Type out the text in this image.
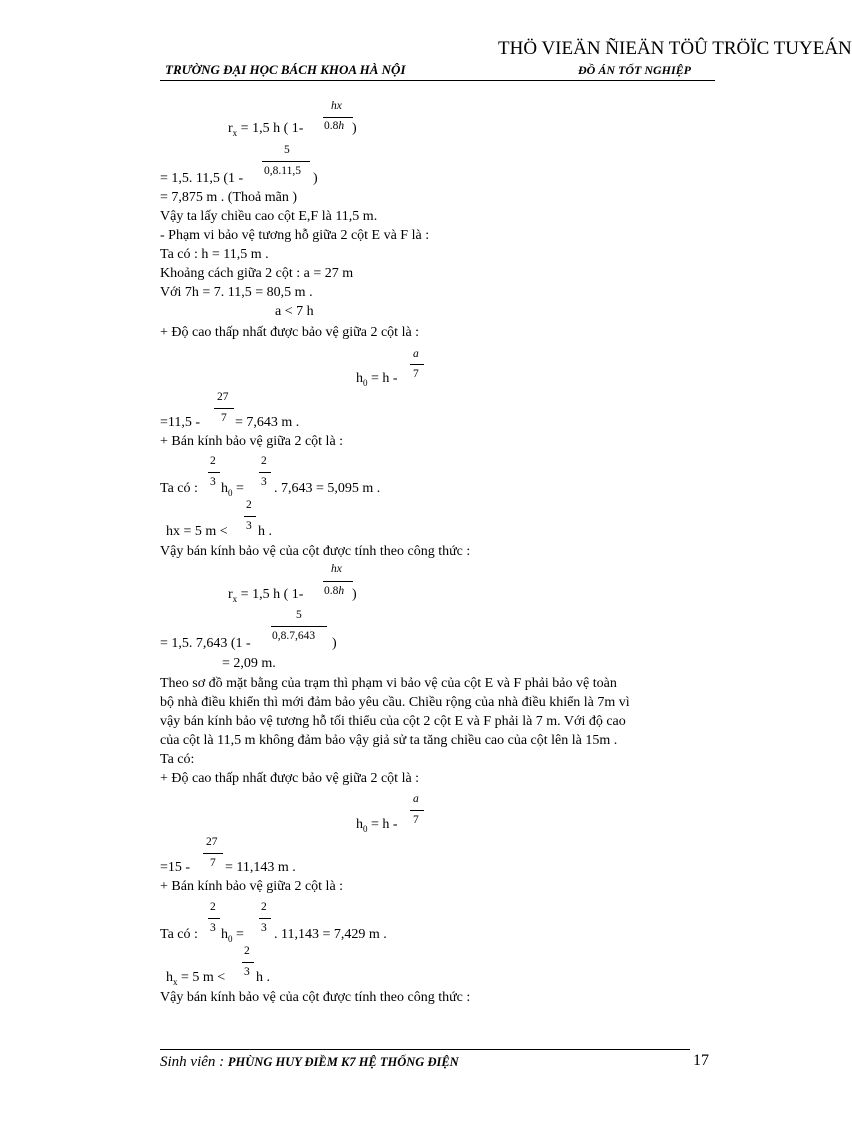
THÖ VIEÄN ÑIEÄN TÖÛ TRÖÏC TUYEÁN
TRƯỜNG ĐẠI HỌC BÁCH KHOA HÀ NỘI	ĐỒ ÁN TỐT NGHIỆP
hx
$r_x = 1,5$ h ( 1- 0.8h )
5
= 1,5. 11,5 (1 - 0,8.11,5 )
= 7,875 m . (Thoả mãn )
Vậy ta lấy chiều cao cột E,F là 11,5 m.
- Phạm vi bảo vệ tương hỗ giữa 2 cột E và F là :
Ta có : h = 11,5 m .
Khoảng cách giữa 2 cột : a = 27 m
Với 7h = 7. 11,5 = 80,5 m .
a < 7 h
+ Độ cao thấp nhất được bảo vệ giữa 2 cột là :
a
$h_0 = h - 7$
27
=11,5 - 7 = 7,643 m .
+ Bán kính bảo vệ giữa 2 cột là :
2	2
Ta có : 3 $h_0 = 3$ . 7,643 = 5,095 m .
2
hx = 5 m < 3 h .
Vậy bán kính bảo vệ của cột được tính theo công thức :
hx
$r_x = 1,5$ h ( 1- 0.8h )
5
= 1,5. 7,643 (1 - 0,8.7,643 )
= 2,09 m.
Theo sơ đồ mặt bằng của trạm thì phạm vi bảo vệ của cột E và F phải bảo vệ toàn
bộ nhà điều khiển thì mới đảm bảo yêu cầu. Chiều rộng của nhà điều khiển là 7m vì
vậy bán kính bảo vệ tương hỗ tối thiểu của cột 2 cột E và F phải là 7 m. Với độ cao
của cột là 11,5 m không đảm bảo vậy giả sử ta tăng chiều cao của cột lên là 15m .
Ta có:
+ Độ cao thấp nhất được bảo vệ giữa 2 cột là :
a
$h_0 = h - 7$
27
=15 - 7 = 11,143 m .
+ Bán kính bảo vệ giữa 2 cột là :
2	2
Ta có : 3 $h_0 = 3$ . 11,143 = 7,429 m .
2
$h_x = 5$ m < 3 h .
Vậy bán kính bảo vệ của cột được tính theo công thức :
Sinh viên : PHÙNG HUY ĐIỀM K7 HỆ THỐNG ĐIỆN	17
